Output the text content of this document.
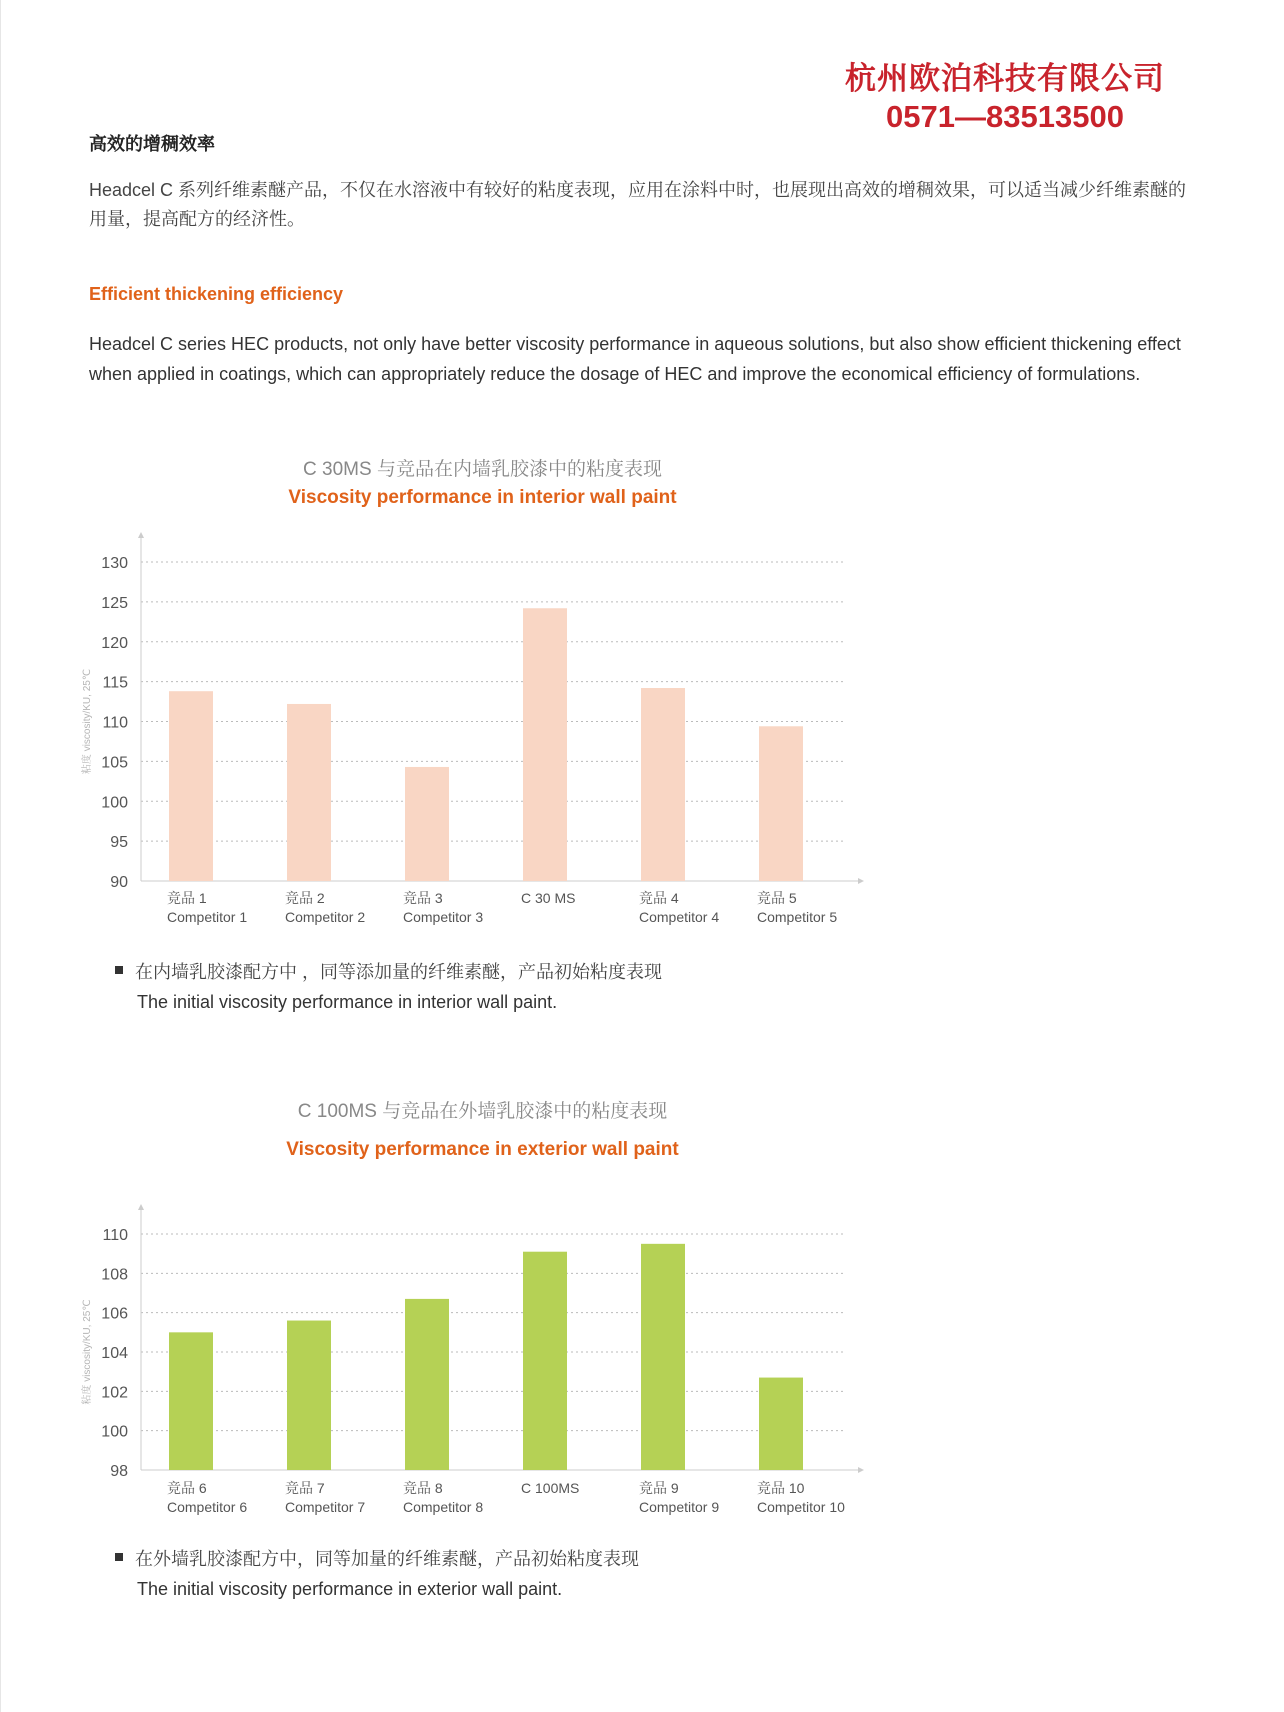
杭州欧泊科技有限公司
0571—83513500
高效的增稠效率
Headcel C 系列纤维素醚产品，不仅在水溶液中有较好的粘度表现，应用在涂料中时，也展现出高效的增稠效果，可以适当减少纤维素醚的用量，提高配方的经济性。
Efficient thickening efficiency
Headcel C series HEC products, not only have better viscosity performance in aqueous solutions, but also show efficient thickening effect when applied in coatings, which can appropriately reduce the dosage of HEC and improve the economical efficiency of formulations.
C 30MS 与竞品在内墙乳胶漆中的粘度表现
Viscosity performance in interior wall paint
粘度 viscosity/KU, 25℃
90
95
100
105
110
115
120
125
130
竞品 1
Competitor 1
竞品 2
Competitor 2
竞品 3
Competitor 3
C 30 MS	竞品 4
Competitor 4
竞品 5
Competitor 5
在内墙乳胶漆配方中 ，同等添加量的纤维素醚，产品初始粘度表现
The initial viscosity performance in interior wall paint.
C 100MS 与竞品在外墙乳胶漆中的粘度表现
Viscosity performance in exterior wall paint
粘度 viscosity/KU, 25℃
98
100
102
104
106
108
110
竞品 6
Competitor 6
竞品 7
Competitor 7
竞品 8
Competitor 8
C 100MS	竞品 9
Competitor 9
竞品 10
Competitor 10
在外墙乳胶漆配方中，同等加量的纤维素醚，产品初始粘度表现
The initial viscosity performance in exterior wall paint.
